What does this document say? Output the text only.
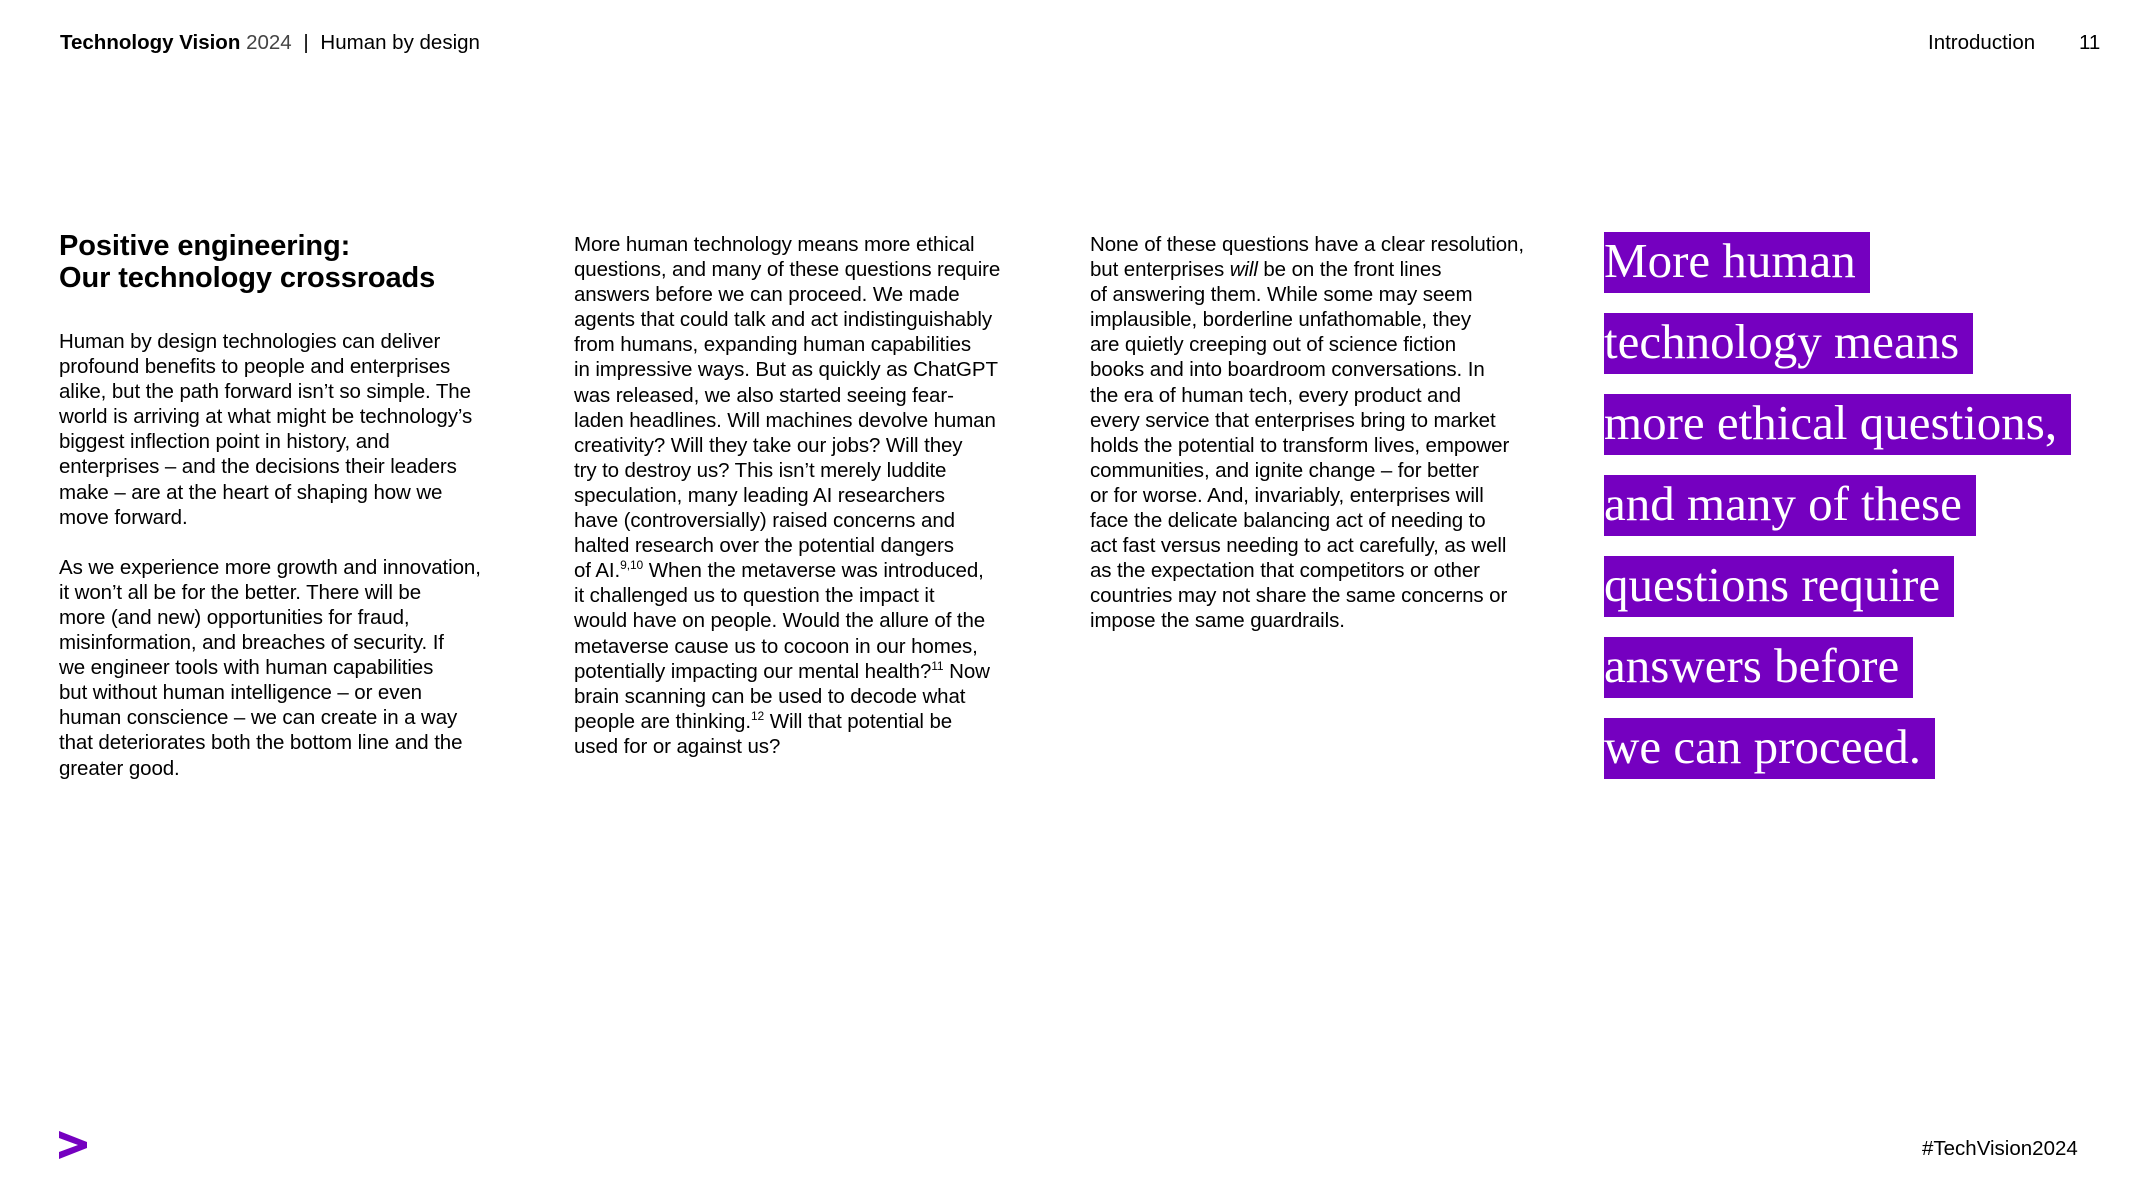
Technology Vision 2024 | Human by design	Introduction 11
Positive engineering:
Our technology crossroads

Human by design technologies can deliver
profound benefits to people and enterprises
alike, but the path forward isn’t so simple. The
world is arriving at what might be technology’s
biggest inflection point in history, and
enterprises – and the decisions their leaders
make – are at the heart of shaping how we
move forward.

As we experience more growth and innovation,
it won’t all be for the better. There will be
more (and new) opportunities for fraud,
misinformation, and breaches of security. If
we engineer tools with human capabilities
but without human intelligence – or even
human conscience – we can create in a way
that deteriorates both the bottom line and the
greater good.

More human technology means more ethical
questions, and many of these questions require
answers before we can proceed. We made
agents that could talk and act indistinguishably
from humans, expanding human capabilities
in impressive ways. But as quickly as ChatGPT
was released, we also started seeing fear-
laden headlines. Will machines devolve human
creativity? Will they take our jobs? Will they
try to destroy us? This isn’t merely luddite
speculation, many leading AI researchers
have (controversially) raised concerns and
halted research over the potential dangers
of AI.$^{9,10}$ When the metaverse was introduced,
it challenged us to question the impact it
would have on people. Would the allure of the
metaverse cause us to cocoon in our homes,
potentially impacting our mental health?$^{11}$ Now
brain scanning can be used to decode what
people are thinking.$^{12}$ Will that potential be
used for or against us?

None of these questions have a clear resolution,
but enterprises will be on the front lines
of answering them. While some may seem
implausible, borderline unfathomable, they
are quietly creeping out of science fiction
books and into boardroom conversations. In
the era of human tech, every product and
every service that enterprises bring to market
holds the potential to transform lives, empower
communities, and ignite change – for better
or for worse. And, invariably, enterprises will
face the delicate balancing act of needing to
act fast versus needing to act carefully, as well
as the expectation that competitors or other
countries may not share the same concerns or
impose the same guardrails.

More human
technology means
more ethical questions,
and many of these
questions require
answers before
we can proceed.
#TechVision2024
